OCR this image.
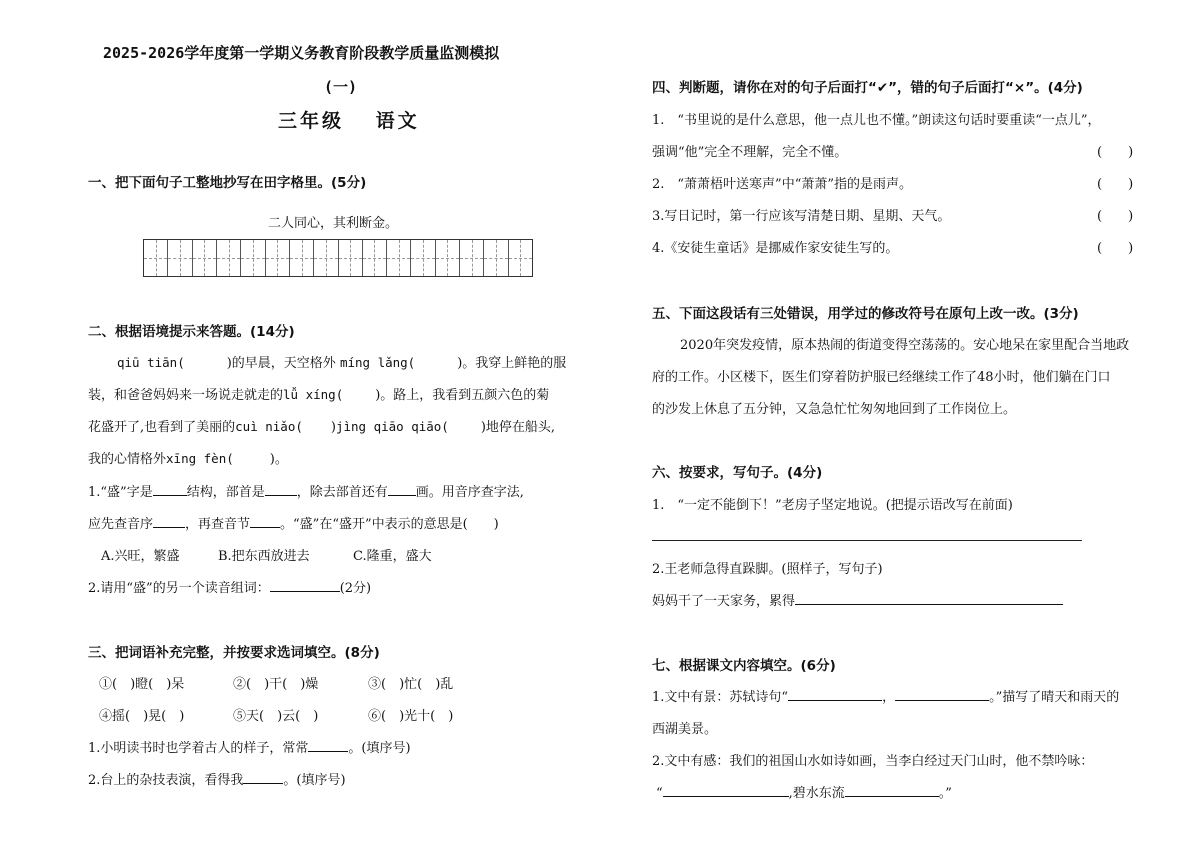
2025-2026学年度第一学期义务教育阶段教学质量监测模拟
(一)
三年级　 语文
一、把下面句子工整地抄写在田字格里。(5分)
二人同心，其利断金。
二、根据语境提示来答题。(14分)
qiū tiān(	)的早晨，天空格外 míng lǎng(	)。我穿上鲜艳的服
装，和爸爸妈妈来一场说走就走的lǚ xíng( )。路上，我看到五颜六色的菊
花盛开了,也看到了美丽的cuì niǎo( )jìng qiāo qiāo( )地停在船头,
我的心情格外xīng fèn(	)。
1.“盛”字是	结构，部首是 ，除去部首还有 画。用音序查字法,
应先查音序 ，再查音节 。“盛”在“盛开”中表示的意思是(　　)
A.兴旺，繁盛	B.把东西放进去	C.隆重，盛大
2.请用“盛”的另一个读音组词：	(2分)
三、把词语补充完整，并按要求选词填空。(8分)
①(　)瞪(　)呆	②(　)干(　)燥	③(　)忙(　)乱
④摇(　)晃(　)	⑤天(　)云(　)	⑥(　)光十(　)
1.小明读书时也学着古人的样子，常常	。(填序号)
2.台上的杂技表演，看得我	。(填序号)
四、判断题，请你在对的句子后面打“✔”，错的句子后面打“×”。(4分)
1.　“书里说的是什么意思，他一点儿也不懂。”朗读这句话时要重读“一点儿”，
强调“他”完全不理解，完全不懂。	(　　)
2.　“萧萧梧叶送寒声”中“萧萧”指的是雨声。	(　　)
3.写日记时，第一行应该写清楚日期、星期、天气。	(　　)
4.《安徒生童话》是挪威作家安徒生写的。	(　　)
五、下面这段话有三处错误，用学过的修改符号在原句上改一改。(3分)
2020年突发疫情，原本热闹的街道变得空荡荡的。安心地呆在家里配合当地政
府的工作。小区楼下，医生们穿着防护服已经继续工作了48小时，他们躺在门口
的沙发上休息了五分钟，又急急忙忙匆匆地回到了工作岗位上。
六、按要求，写句子。(4分)
1.　“一定不能倒下！”老房子坚定地说。(把提示语改写在前面)
2.王老师急得直跺脚。(照样子，写句子)
妈妈干了一天家务，累得
七、根据课文内容填空。(6分)
1.文中有景：苏轼诗句“	，	。”描写了晴天和雨天的
西湖美景。
2.文中有感：我们的祖国山水如诗如画，当李白经过天门山时，他不禁吟咏：
“	,碧水东流	。”
